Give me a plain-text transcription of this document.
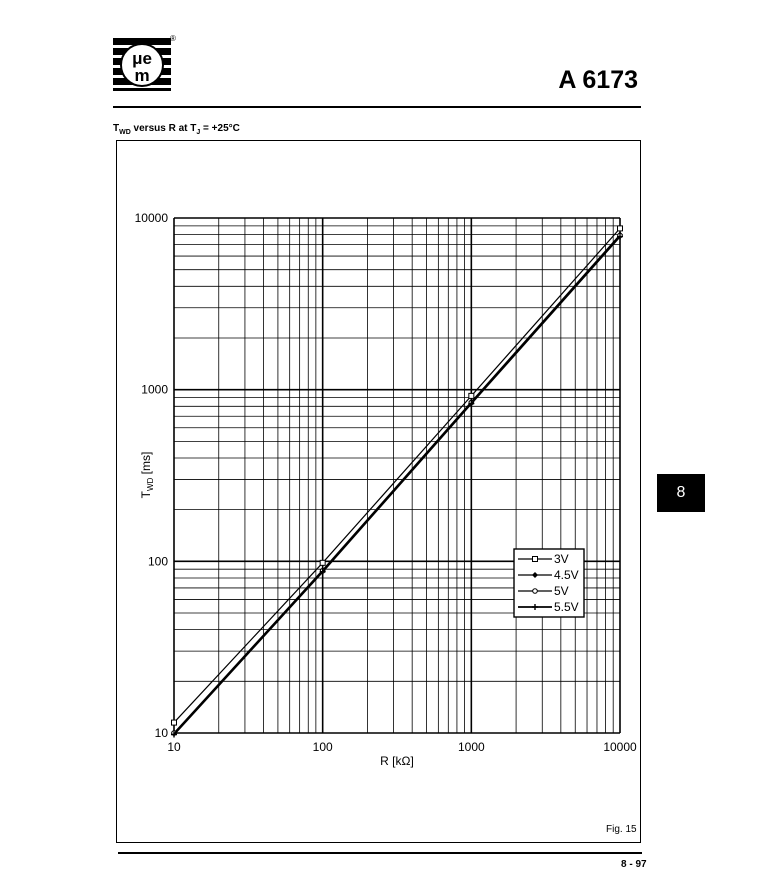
μe
m
®
A 6173
$T_{WD}$ versus R at $T_J = +25^\circ C$
10	100	1000	10000
10
100
1000
10000
R [kΩ]
$T_{WD}$ [ms]
3V
4.5V
5V
5.5V
Fig. 15
8 - 97
8
